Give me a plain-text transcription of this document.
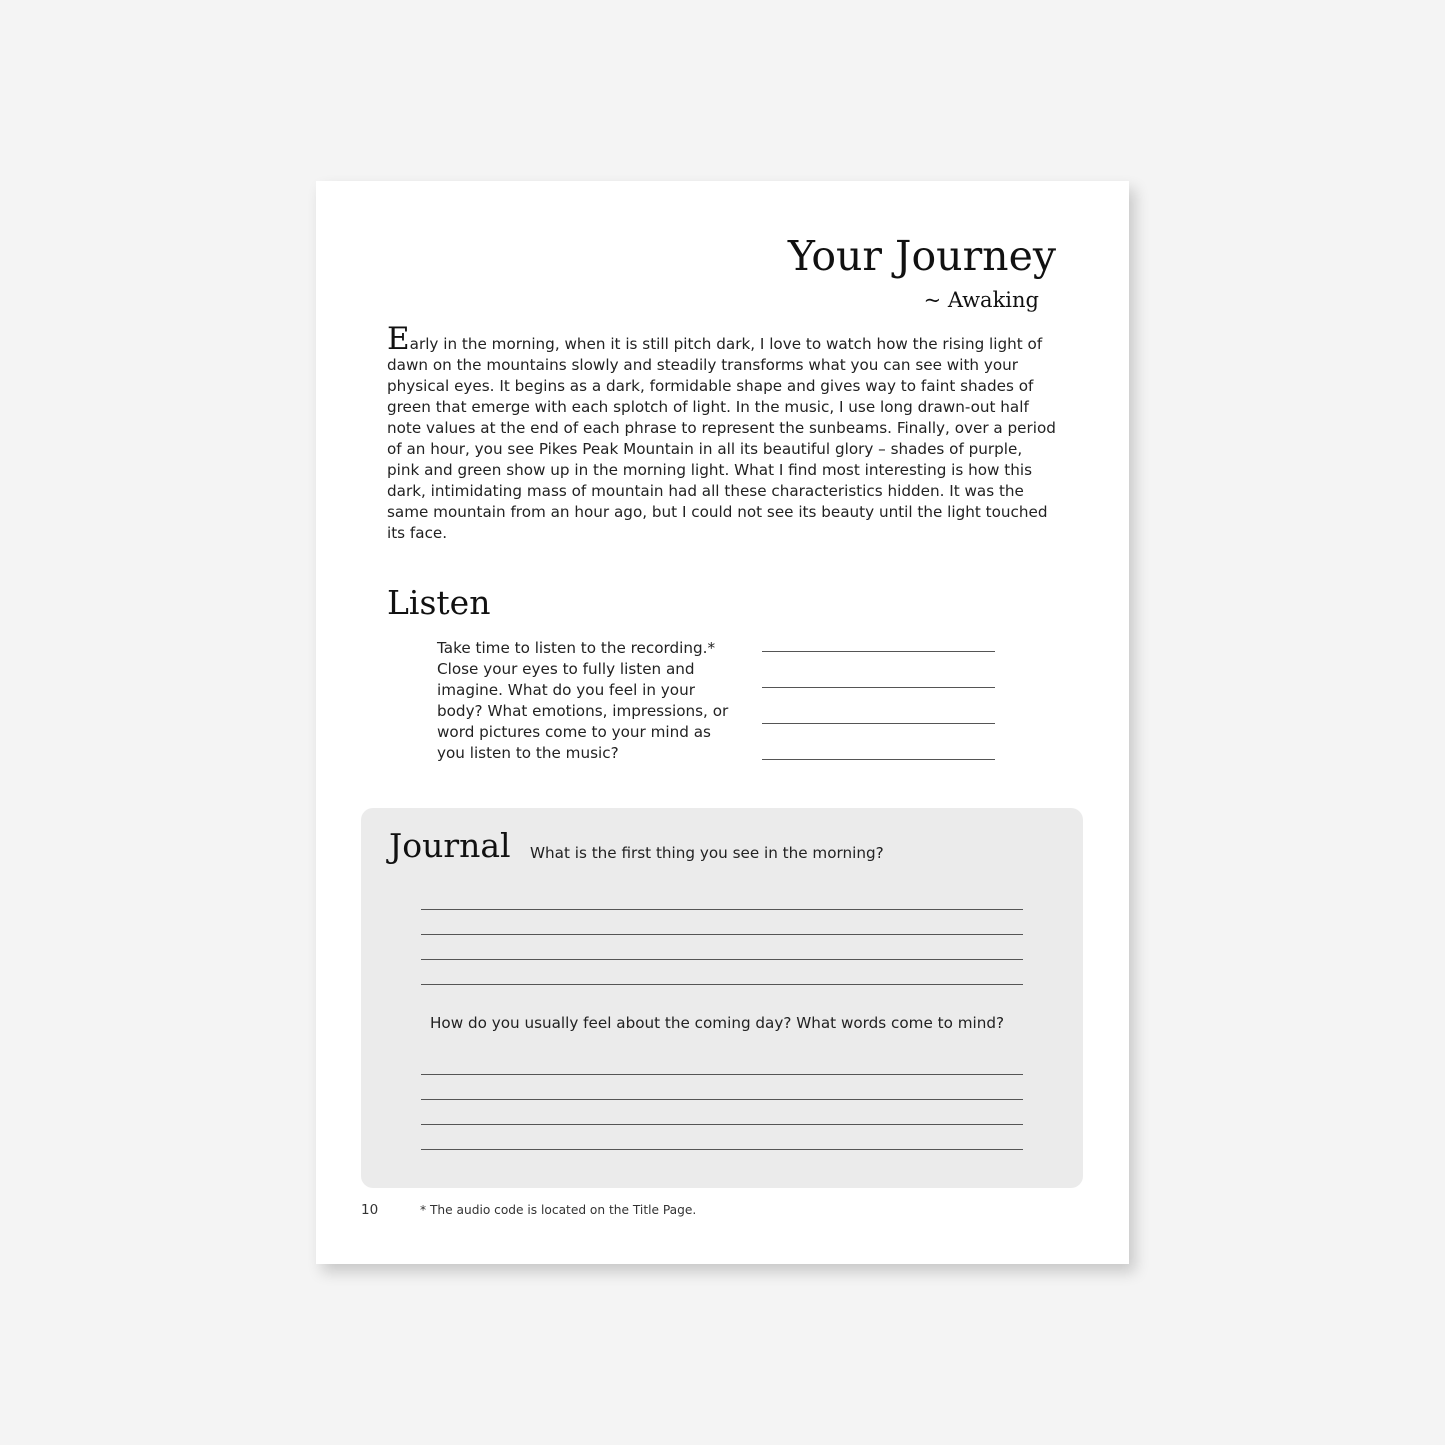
Your Journey
~ Awaking

Early in the morning, when it is still pitch dark, I love to watch how the rising light of dawn on the mountains slowly and steadily transforms what you can see with your physical eyes. It begins as a dark, formidable shape and gives way to faint shades of green that emerge with each splotch of light. In the music, I use long drawn-out half note values at the end of each phrase to represent the sunbeams. Finally, over a period of an hour, you see Pikes Peak Mountain in all its beautiful glory – shades of purple, pink and green show up in the morning light. What I find most interesting is how this dark, intimidating mass of mountain had all these characteristics hidden. It was the same mountain from an hour ago, but I could not see its beauty until the light touched its face.

Listen

Take time to listen to the recording.* Close your eyes to fully listen and imagine. What do you feel in your body? What emotions, impressions, or word pictures come to your mind as you listen to the music?

Journal What is the first thing you see in the morning?

How do you usually feel about the coming day? What words come to mind?

10	* The audio code is located on the Title Page.
